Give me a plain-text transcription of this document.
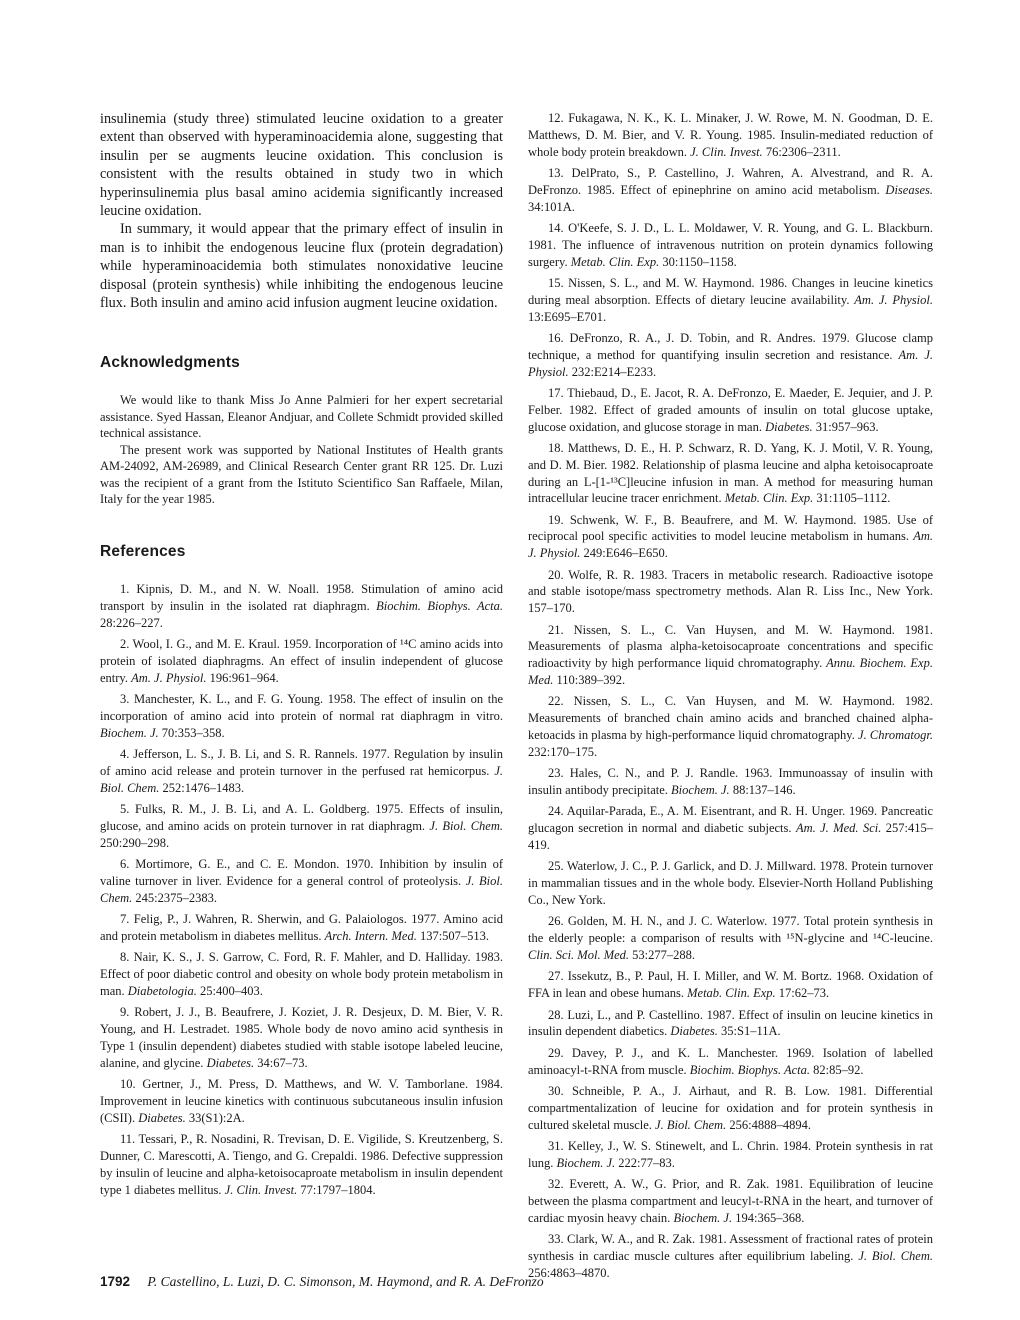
insulinemia (study three) stimulated leucine oxidation to a greater extent than observed with hyperaminoacidemia alone, suggesting that insulin per se augments leucine oxidation. This conclusion is consistent with the results obtained in study two in which hyperinsulinemia plus basal amino acidemia significantly increased leucine oxidation.

In summary, it would appear that the primary effect of insulin in man is to inhibit the endogenous leucine flux (protein degradation) while hyperaminoacidemia both stimulates nonoxidative leucine disposal (protein synthesis) while inhibiting the endogenous leucine flux. Both insulin and amino acid infusion augment leucine oxidation.

Acknowledgments

We would like to thank Miss Jo Anne Palmieri for her expert secretarial assistance. Syed Hassan, Eleanor Andjuar, and Collete Schmidt provided skilled technical assistance.

The present work was supported by National Institutes of Health grants AM-24092, AM-26989, and Clinical Research Center grant RR 125. Dr. Luzi was the recipient of a grant from the Istituto Scientifico San Raffaele, Milan, Italy for the year 1985.

References

1. Kipnis, D. M., and N. W. Noall. 1958. Stimulation of amino acid transport by insulin in the isolated rat diaphragm. Biochim. Biophys. Acta. 28:226–227.

2. Wool, I. G., and M. E. Kraul. 1959. Incorporation of ¹⁴C amino acids into protein of isolated diaphragms. An effect of insulin independent of glucose entry. Am. J. Physiol. 196:961–964.

3. Manchester, K. L., and F. G. Young. 1958. The effect of insulin on the incorporation of amino acid into protein of normal rat diaphragm in vitro. Biochem. J. 70:353–358.

4. Jefferson, L. S., J. B. Li, and S. R. Rannels. 1977. Regulation by insulin of amino acid release and protein turnover in the perfused rat hemicorpus. J. Biol. Chem. 252:1476–1483.

5. Fulks, R. M., J. B. Li, and A. L. Goldberg. 1975. Effects of insulin, glucose, and amino acids on protein turnover in rat diaphragm. J. Biol. Chem. 250:290–298.

6. Mortimore, G. E., and C. E. Mondon. 1970. Inhibition by insulin of valine turnover in liver. Evidence for a general control of proteolysis. J. Biol. Chem. 245:2375–2383.

7. Felig, P., J. Wahren, R. Sherwin, and G. Palaiologos. 1977. Amino acid and protein metabolism in diabetes mellitus. Arch. Intern. Med. 137:507–513.

8. Nair, K. S., J. S. Garrow, C. Ford, R. F. Mahler, and D. Halliday. 1983. Effect of poor diabetic control and obesity on whole body protein metabolism in man. Diabetologia. 25:400–403.

9. Robert, J. J., B. Beaufrere, J. Koziet, J. R. Desjeux, D. M. Bier, V. R. Young, and H. Lestradet. 1985. Whole body de novo amino acid synthesis in Type 1 (insulin dependent) diabetes studied with stable isotope labeled leucine, alanine, and glycine. Diabetes. 34:67–73.

10. Gertner, J., M. Press, D. Matthews, and W. V. Tamborlane. 1984. Improvement in leucine kinetics with continuous subcutaneous insulin infusion (CSII). Diabetes. 33(S1):2A.

11. Tessari, P., R. Nosadini, R. Trevisan, D. E. Vigilide, S. Kreutzenberg, S. Dunner, C. Marescotti, A. Tiengo, and G. Crepaldi. 1986. Defective suppression by insulin of leucine and alpha-ketoisocaproate metabolism in insulin dependent type 1 diabetes mellitus. J. Clin. Invest. 77:1797–1804.

12. Fukagawa, N. K., K. L. Minaker, J. W. Rowe, M. N. Goodman, D. E. Matthews, D. M. Bier, and V. R. Young. 1985. Insulin-mediated reduction of whole body protein breakdown. J. Clin. Invest. 76:2306–2311.

13. DelPrato, S., P. Castellino, J. Wahren, A. Alvestrand, and R. A. DeFronzo. 1985. Effect of epinephrine on amino acid metabolism. Diseases. 34:101A.

14. O'Keefe, S. J. D., L. L. Moldawer, V. R. Young, and G. L. Blackburn. 1981. The influence of intravenous nutrition on protein dynamics following surgery. Metab. Clin. Exp. 30:1150–1158.

15. Nissen, S. L., and M. W. Haymond. 1986. Changes in leucine kinetics during meal absorption. Effects of dietary leucine availability. Am. J. Physiol. 13:E695–E701.

16. DeFronzo, R. A., J. D. Tobin, and R. Andres. 1979. Glucose clamp technique, a method for quantifying insulin secretion and resistance. Am. J. Physiol. 232:E214–E233.

17. Thiebaud, D., E. Jacot, R. A. DeFronzo, E. Maeder, E. Jequier, and J. P. Felber. 1982. Effect of graded amounts of insulin on total glucose uptake, glucose oxidation, and glucose storage in man. Diabetes. 31:957–963.

18. Matthews, D. E., H. P. Schwarz, R. D. Yang, K. J. Motil, V. R. Young, and D. M. Bier. 1982. Relationship of plasma leucine and alpha ketoisocaproate during an L-[1-¹³C]leucine infusion in man. A method for measuring human intracellular leucine tracer enrichment. Metab. Clin. Exp. 31:1105–1112.

19. Schwenk, W. F., B. Beaufrere, and M. W. Haymond. 1985. Use of reciprocal pool specific activities to model leucine metabolism in humans. Am. J. Physiol. 249:E646–E650.

20. Wolfe, R. R. 1983. Tracers in metabolic research. Radioactive isotope and stable isotope/mass spectrometry methods. Alan R. Liss Inc., New York. 157–170.

21. Nissen, S. L., C. Van Huysen, and M. W. Haymond. 1981. Measurements of plasma alpha-ketoisocaproate concentrations and specific radioactivity by high performance liquid chromatography. Annu. Biochem. Exp. Med. 110:389–392.

22. Nissen, S. L., C. Van Huysen, and M. W. Haymond. 1982. Measurements of branched chain amino acids and branched chained alpha-ketoacids in plasma by high-performance liquid chromatography. J. Chromatogr. 232:170–175.

23. Hales, C. N., and P. J. Randle. 1963. Immunoassay of insulin with insulin antibody precipitate. Biochem. J. 88:137–146.

24. Aquilar-Parada, E., A. M. Eisentrant, and R. H. Unger. 1969. Pancreatic glucagon secretion in normal and diabetic subjects. Am. J. Med. Sci. 257:415–419.

25. Waterlow, J. C., P. J. Garlick, and D. J. Millward. 1978. Protein turnover in mammalian tissues and in the whole body. Elsevier-North Holland Publishing Co., New York.

26. Golden, M. H. N., and J. C. Waterlow. 1977. Total protein synthesis in the elderly people: a comparison of results with ¹⁵N-glycine and ¹⁴C-leucine. Clin. Sci. Mol. Med. 53:277–288.

27. Issekutz, B., P. Paul, H. I. Miller, and W. M. Bortz. 1968. Oxidation of FFA in lean and obese humans. Metab. Clin. Exp. 17:62–73.

28. Luzi, L., and P. Castellino. 1987. Effect of insulin on leucine kinetics in insulin dependent diabetics. Diabetes. 35:S1–11A.

29. Davey, P. J., and K. L. Manchester. 1969. Isolation of labelled aminoacyl-t-RNA from muscle. Biochim. Biophys. Acta. 82:85–92.

30. Schneible, P. A., J. Airhaut, and R. B. Low. 1981. Differential compartmentalization of leucine for oxidation and for protein synthesis in cultured skeletal muscle. J. Biol. Chem. 256:4888–4894.

31. Kelley, J., W. S. Stinewelt, and L. Chrin. 1984. Protein synthesis in rat lung. Biochem. J. 222:77–83.

32. Everett, A. W., G. Prior, and R. Zak. 1981. Equilibration of leucine between the plasma compartment and leucyl-t-RNA in the heart, and turnover of cardiac myosin heavy chain. Biochem. J. 194:365–368.

33. Clark, W. A., and R. Zak. 1981. Assessment of fractional rates of protein synthesis in cardiac muscle cultures after equilibrium labeling. J. Biol. Chem. 256:4863–4870.

1792 P. Castellino, L. Luzi, D. C. Simonson, M. Haymond, and R. A. DeFronzo
